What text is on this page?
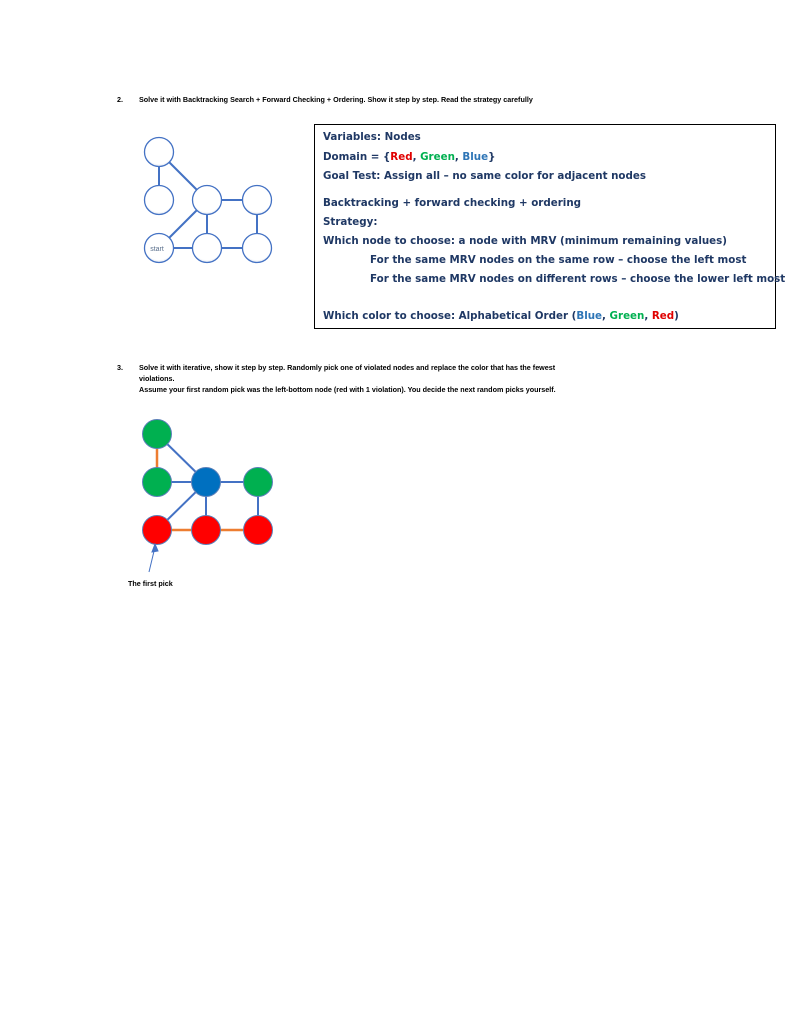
2. Solve it with Backtracking Search + Forward Checking + Ordering. Show it step by step. Read the strategy carefully
start
Variables: Nodes
Domain = {Red, Green, Blue}
Goal Test: Assign all – no same color for adjacent nodes
Backtracking + forward checking + ordering
Strategy:
Which node to choose: a node with MRV (minimum remaining values)
For the same MRV nodes on the same row – choose the left most
For the same MRV nodes on different rows – choose the lower left most
Which color to choose: Alphabetical Order (Blue, Green, Red)
3. Solve it with iterative, show it step by step. Randomly pick one of violated nodes and replace the color that has the fewest
violations.
Assume your first random pick was the left-bottom node (red with 1 violation). You decide the next random picks yourself.
The first pick
